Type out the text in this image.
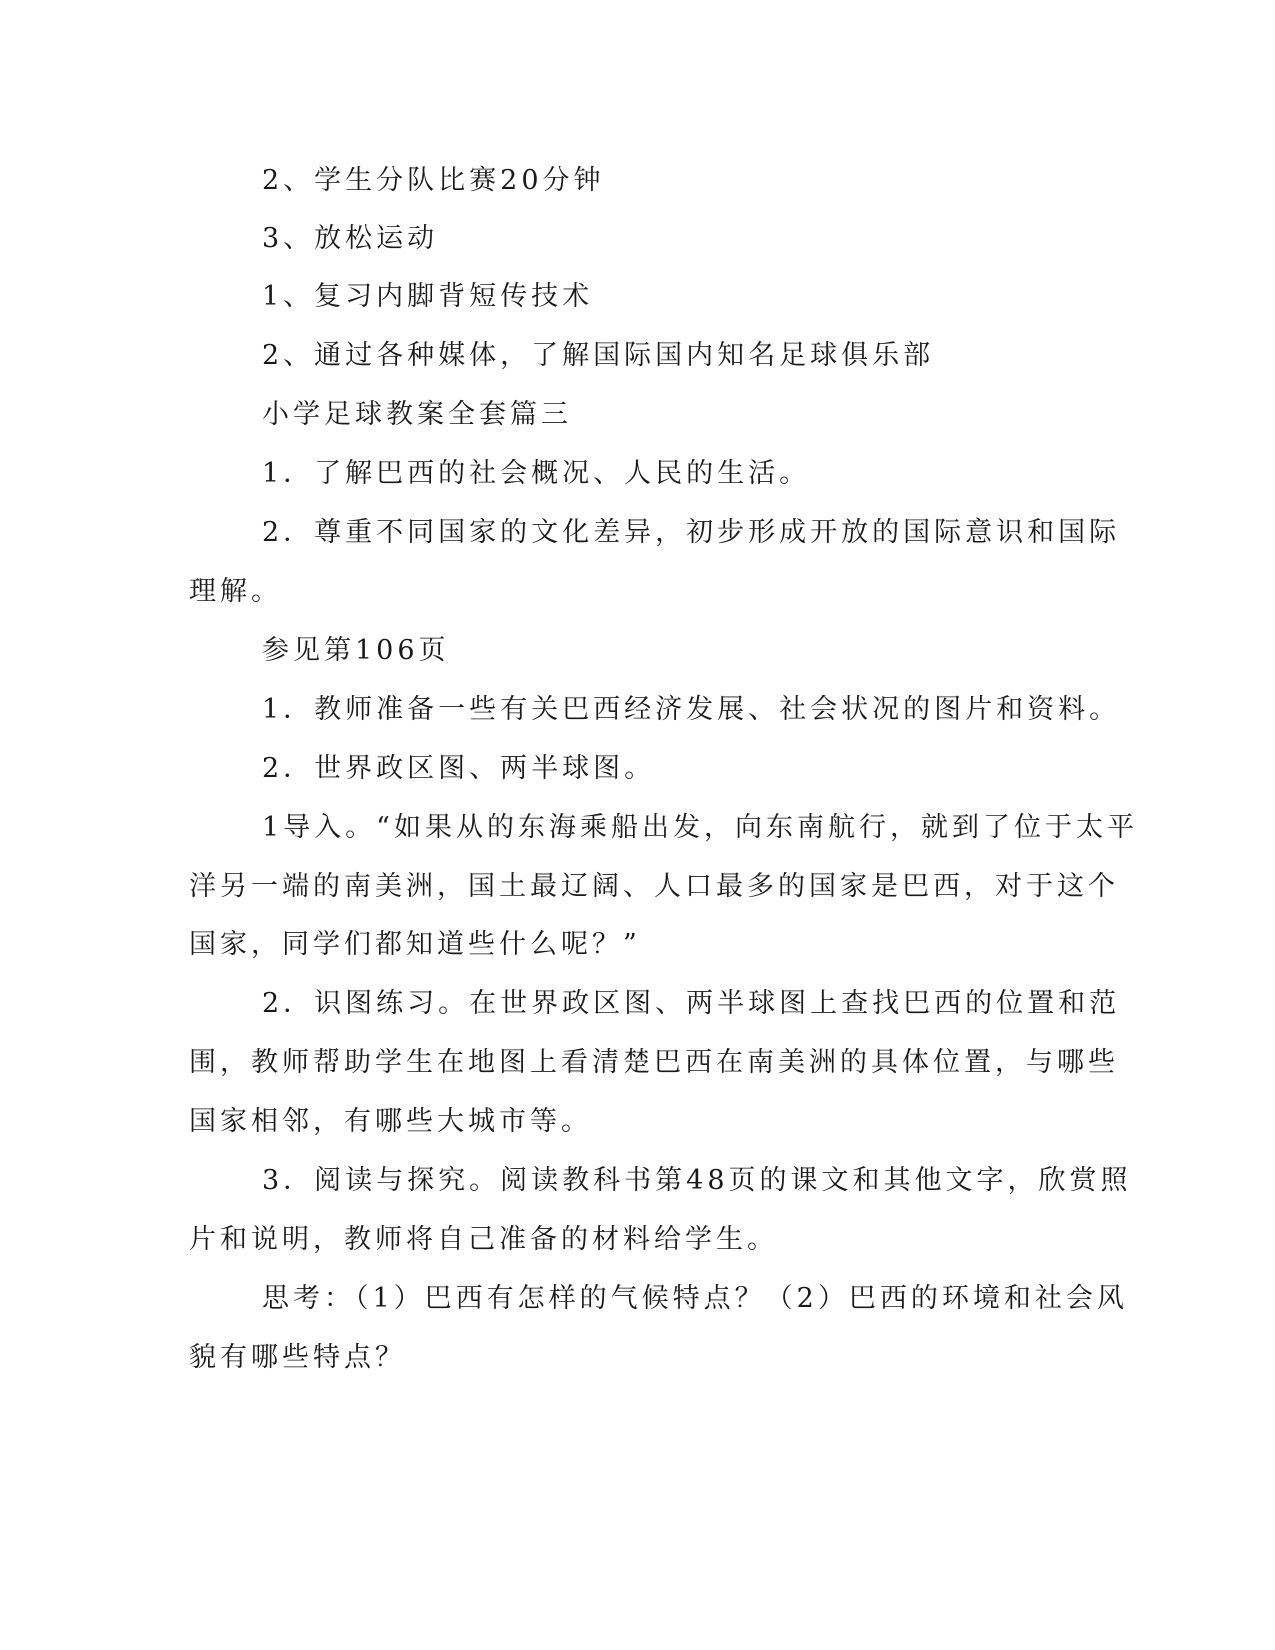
2、学生分队比赛20分钟
3、放松运动
1、复习内脚背短传技术
2、通过各种媒体，了解国际国内知名足球俱乐部
小学足球教案全套篇三
1．了解巴西的社会概况、人民的生活。
2．尊重不同国家的文化差异，初步形成开放的国际意识和国际
理解。
参见第106页
1．教师准备一些有关巴西经济发展、社会状况的图片和资料。
2．世界政区图、两半球图。
1导入。“如果从的东海乘船出发，向东南航行，就到了位于太平
洋另一端的南美洲，国土最辽阔、人口最多的国家是巴西，对于这个
国家，同学们都知道些什么呢？”
2．识图练习。在世界政区图、两半球图上查找巴西的位置和范
围，教师帮助学生在地图上看清楚巴西在南美洲的具体位置，与哪些
国家相邻，有哪些大城市等。
3．阅读与探究。阅读教科书第48页的课文和其他文字，欣赏照
片和说明，教师将自己准备的材料给学生。
思考：（1）巴西有怎样的气候特点？（2）巴西的环境和社会风
貌有哪些特点？
